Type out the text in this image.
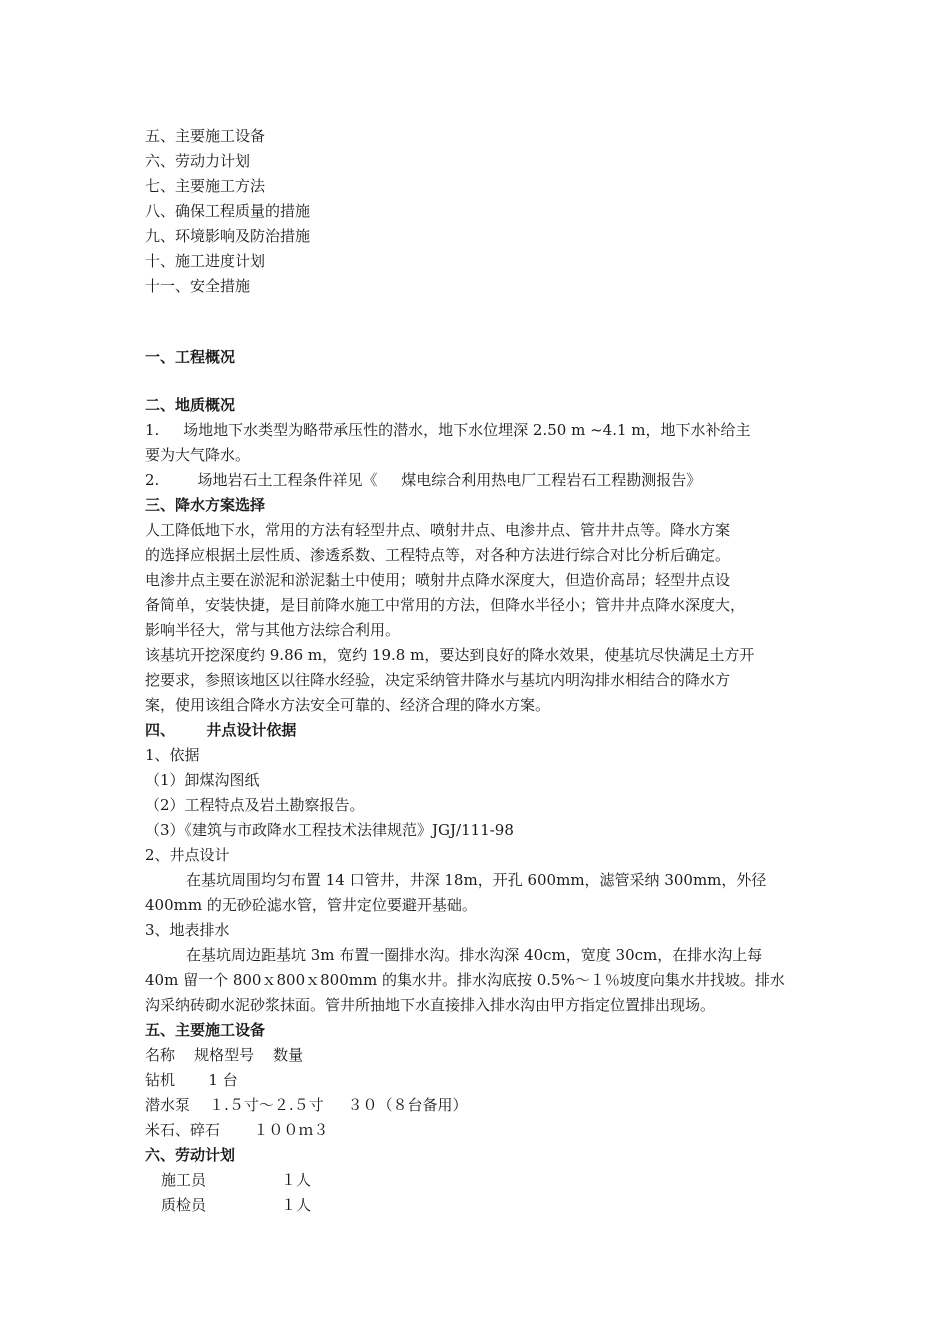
五、主要施工设备
六、劳动力计划
七、主要施工方法
八、确保工程质量的措施
九、环境影响及防治措施
十、施工进度计划
十一、安全措施
一、工程概况
二、地质概况
1.     场地地下水类型为略带承压性的潜水，地下水位埋深 2.50 m ~4.1 m，地下水补给主
要为大气降水。
2.        场地岩石土工程条件祥见《     煤电综合利用热电厂工程岩石工程勘测报告》
三、降水方案选择
人工降低地下水，常用的方法有轻型井点、喷射井点、电渗井点、管井井点等。降水方案
的选择应根据土层性质、渗透系数、工程特点等，对各种方法进行综合对比分析后确定。
电渗井点主要在淤泥和淤泥黏土中使用；喷射井点降水深度大，但造价高昂；轻型井点设
备简单，安装快捷，是目前降水施工中常用的方法，但降水半径小；管井井点降水深度大，
影响半径大，常与其他方法综合利用。
该基坑开挖深度约 9.86 m，宽约 19.8 m，要达到良好的降水效果，使基坑尽快满足土方开
挖要求，参照该地区以往降水经验，决定采纳管井降水与基坑内明沟排水相结合的降水方
案，使用该组合降水方法安全可靠的、经济合理的降水方案。
四、      井点设计依据
1、依据
（1）卸煤沟图纸
（2）工程特点及岩土勘察报告。
（3）《建筑与市政降水工程技术法律规范》JGJ/111-98
2、井点设计
在基坑周围均匀布置 14 口管井，井深 18m，开孔 600mm，滤管采纳 300mm，外径
400mm 的无砂砼滤水管，管井定位要避开基础。
3、地表排水
在基坑周边距基坑 3m 布置一圈排水沟。排水沟深 40cm，宽度 30cm，在排水沟上每
40m 留一个 800ｘ800ｘ800mm 的集水井。排水沟底按 0.5%～１％坡度向集水井找坡。排水
沟采纳砖砌水泥砂浆抹面。管井所抽地下水直接排入排水沟由甲方指定位置排出现场。
五、主要施工设备
名称    规格型号    数量
钻机       1 台
潜水泵    １.５寸～２.５寸     ３０（８台备用）
米石、碎石       １００ｍ３
六、劳动计划
施工员	１人
质检员	１人
